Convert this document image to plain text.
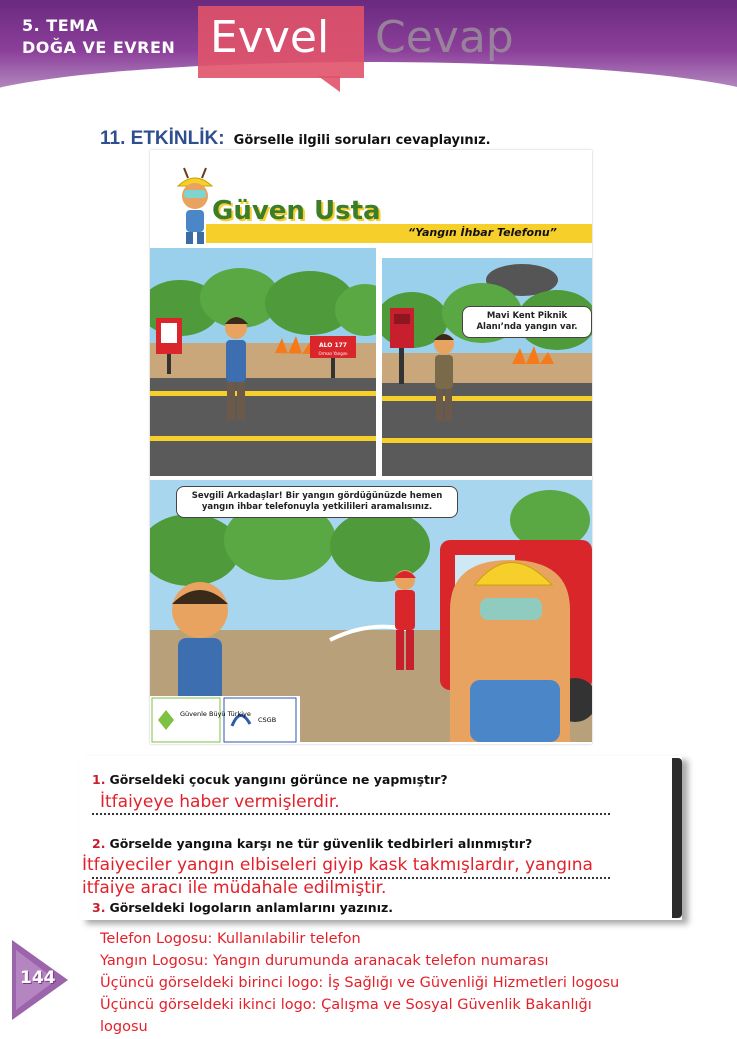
Evvel Cevap
5. TEMA
DOĞA VE EVREN
11. ETKİNLİK: Görselle ilgili soruları cevaplayınız.
Güven Usta
“Yangın İhbar Telefonu”
ALO 177
Orman Yangını
Mavi Kent Piknik Alanı’nda yangın var.
Sevgili Arkadaşlar! Bir yangın gördüğünüzde hemen yangın ihbar telefonuyla yetkilileri aramalısınız.
Güvenle Büyü Türkiye
CSGB
1. Görseldeki çocuk yangını görünce ne yapmıştır?
İtfaiyeye haber vermişlerdir.
2. Görselde yangına karşı ne tür güvenlik tedbirleri alınmıştır?
İtfaiyeciler yangın elbiseleri giyip kask takmışlardır, yangına
itfaiye aracı ile müdahale edilmiştir.
3. Görseldeki logoların anlamlarını yazınız.
Telefon Logosu: Kullanılabilir telefon
Yangın Logosu: Yangın durumunda aranacak telefon numarası
Üçüncü görseldeki birinci logo: İş Sağlığı ve Güvenliği Hizmetleri logosu
Üçüncü görseldeki ikinci logo: Çalışma ve Sosyal Güvenlik Bakanlığı
logosu
144
